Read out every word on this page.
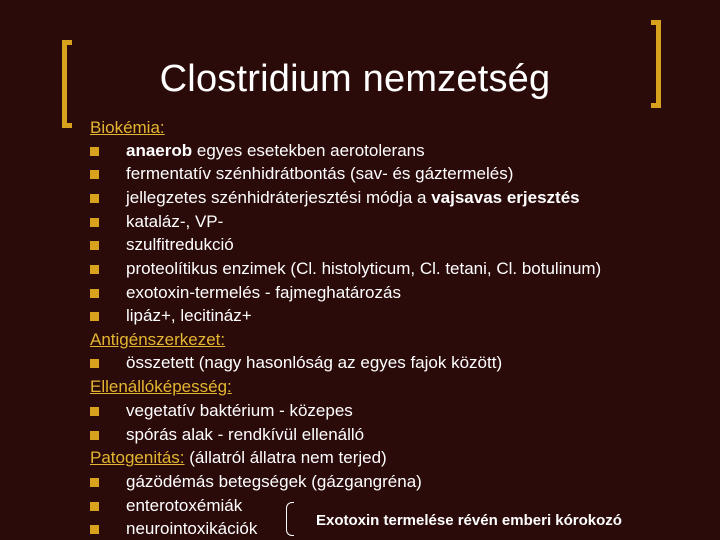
Clostridium nemzetség
Biokémia:
anaerob egyes esetekben aerotolerans
fermentatív szénhidrátbontás (sav- és gáztermelés)
jellegzetes szénhidráterjesztési módja a vajsavas erjesztés
kataláz-, VP-
szulfitredukció
proteolítikus enzimek (Cl. histolyticum, Cl. tetani, Cl. botulinum)
exotoxin-termelés - fajmeghatározás
lipáz+, lecitináz+
Antigénszerkezet:
összetett (nagy hasonlóság az egyes fajok között)
Ellenállóképesség:
vegetatív baktérium - közepes
spórás alak - rendkívül ellenálló
Patogenitás: (állatról állatra nem terjed)
gázödémás betegségek (gázgangréna)
enterotoxémiák
neurointoxikációk	Exotoxin termelése révén emberi kórokozó
